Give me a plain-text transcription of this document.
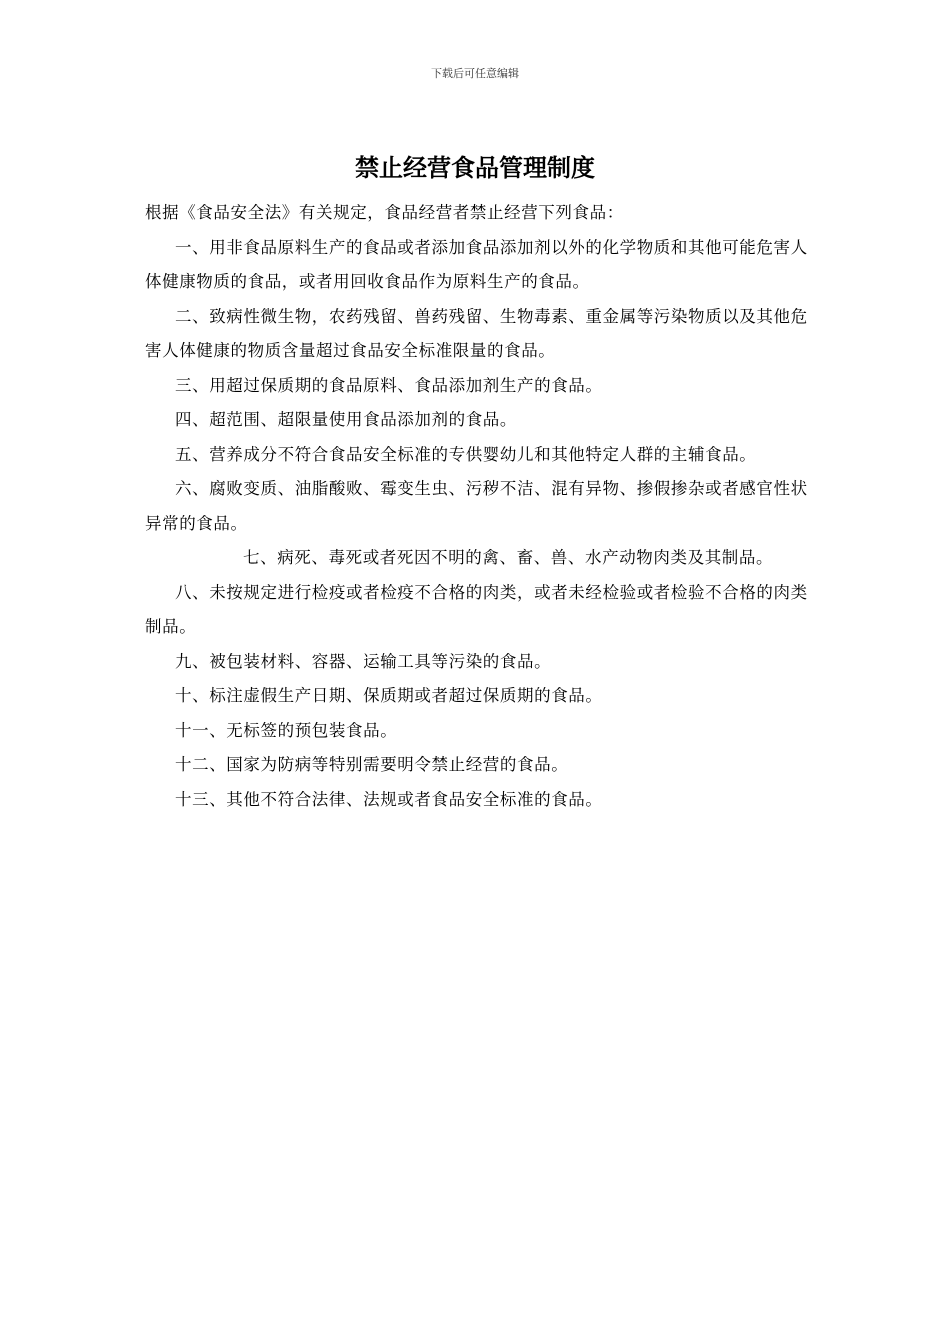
下载后可任意编辑
禁止经营食品管理制度

根据《食品安全法》有关规定，食品经营者禁止经营下列食品：

一、用非食品原料生产的食品或者添加食品添加剂以外的化学物质和其他可能危害人体健康物质的食品，或者用回收食品作为原料生产的食品。

二、致病性微生物，农药残留、兽药残留、生物毒素、重金属等污染物质以及其他危害人体健康的物质含量超过食品安全标准限量的食品。

三、用超过保质期的食品原料、食品添加剂生产的食品。

四、超范围、超限量使用食品添加剂的食品。

五、营养成分不符合食品安全标准的专供婴幼儿和其他特定人群的主辅食品。

六、腐败变质、油脂酸败、霉变生虫、污秽不洁、混有异物、掺假掺杂或者感官性状异常的食品。

七、病死、毒死或者死因不明的禽、畜、兽、水产动物肉类及其制品。

八、未按规定进行检疫或者检疫不合格的肉类，或者未经检验或者检验不合格的肉类制品。

九、被包装材料、容器、运输工具等污染的食品。

十、标注虚假生产日期、保质期或者超过保质期的食品。

十一、无标签的预包装食品。

十二、国家为防病等特别需要明令禁止经营的食品。

十三、其他不符合法律、法规或者食品安全标准的食品。
